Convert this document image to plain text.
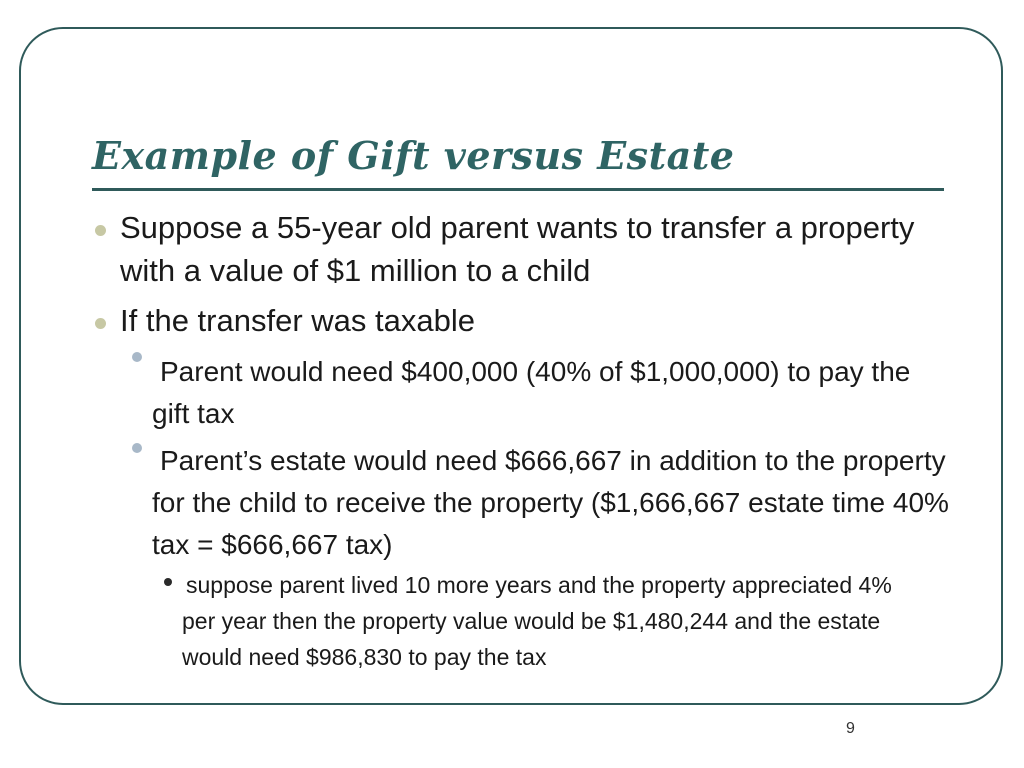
Example of Gift versus Estate
Suppose a 55-year old parent wants to transfer a property with a value of $1 million to a child
If the transfer was taxable
Parent would need $400,000 (40% of $1,000,000) to pay the gift tax
Parent’s estate would need $666,667 in addition to the property for the child to receive the property ($1,666,667 estate time 40% tax = $666,667 tax)
suppose parent lived 10 more years and the property appreciated 4% per year then the property value would be $1,480,244 and the estate would need $986,830 to pay the tax
9
